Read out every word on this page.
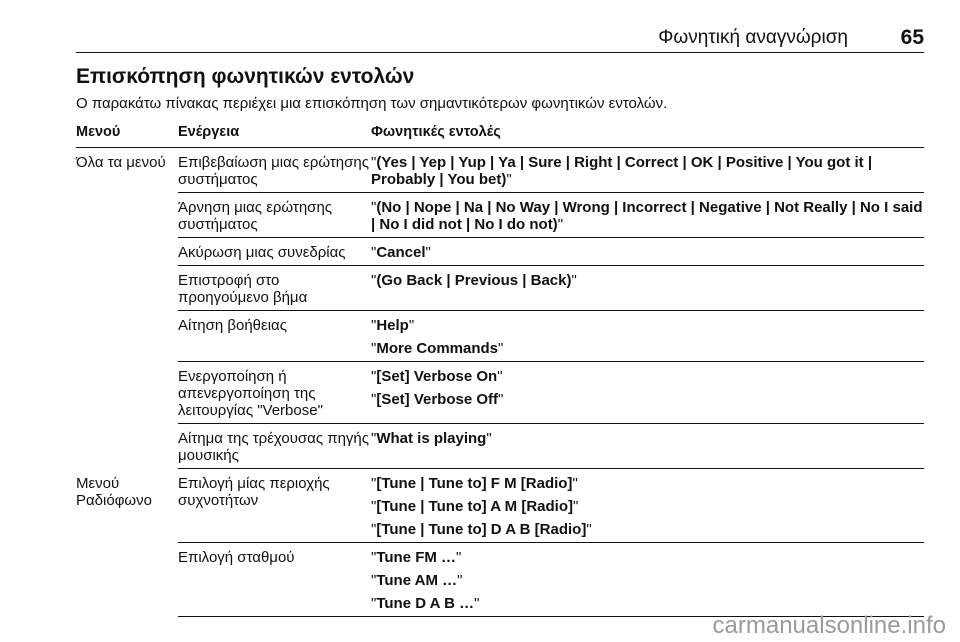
Φωνητική αναγνώριση	65
Επισκόπηση φωνητικών εντολών
Ο παρακάτω πίνακας περιέχει μια επισκόπηση των σημαντικότερων φωνητικών εντολών.
Μενού	Ενέργεια	Φωνητικές εντολές
Όλα τα μενού	Επιβεβαίωση μιας ερώτησης συστήματος	"(Yes | Yep | Yup | Ya | Sure | Right | Correct | OK | Positive | You got it | Probably | You bet)"

	Άρνηση μιας ερώτησης συστήματος	"(No | Nope | Na | No Way | Wrong | Incorrect | Negative | Not Really | No I said | No I did not | No I do not)"

	Ακύρωση μιας συνεδρίας	"Cancel"

	Επιστροφή στο προηγούμενο βήμα	"(Go Back | Previous | Back)"

	Αίτηση βοήθειας	"Help"
"More Commands"

	Ενεργοποίηση ή απενεργοποίηση της λειτουργίας "Verbose"	"[Set] Verbose On"
"[Set] Verbose Off"

	Αίτημα της τρέχουσας πηγής μουσικής	"What is playing"

Μενού Ραδιόφωνο	Επιλογή μίας περιοχής συχνοτήτων	"[Tune | Tune to] F M [Radio]"
"[Tune | Tune to] A M [Radio]"
"[Tune | Tune to] D A B [Radio]"

	Επιλογή σταθμού	"Tune FM …"
"Tune AM …"
"Tune D A B …"
carmanualsonline.info
